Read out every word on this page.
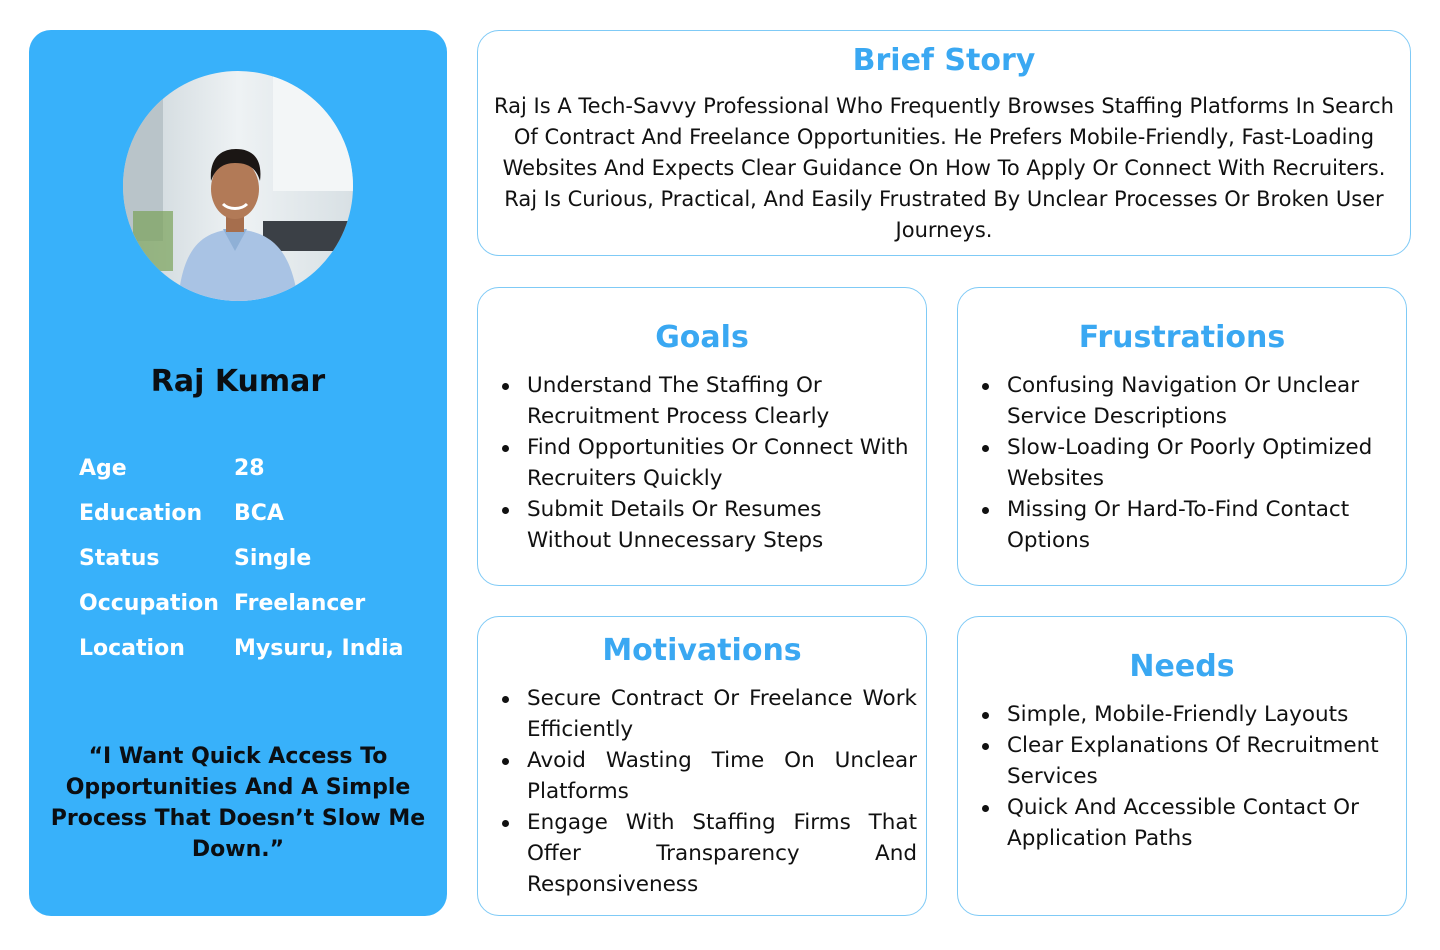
Raj Kumar
Age	28
Education BCA
Status	Single
Occupation Freelancer
Location Mysuru, India
“I Want Quick Access To Opportunities And A Simple Process That Doesn’t Slow Me Down.”
Brief Story

Raj Is A Tech-Savvy Professional Who Frequently Browses Staffing Platforms In Search Of Contract And Freelance Opportunities. He Prefers Mobile-Friendly, Fast-Loading Websites And Expects Clear Guidance On How To Apply Or Connect With Recruiters. Raj Is Curious, Practical, And Easily Frustrated By Unclear Processes Or Broken User Journeys.

Goals
Understand The Staffing Or Recruitment Process Clearly
Find Opportunities Or Connect With Recruiters Quickly
Submit Details Or Resumes Without Unnecessary Steps
Frustrations
Confusing Navigation Or Unclear Service Descriptions
Slow-Loading Or Poorly Optimized Websites
Missing Or Hard-To-Find Contact Options
Motivations
Secure Contract Or Freelance Work Efficiently
Avoid Wasting Time On Unclear Platforms
Engage With Staffing Firms That Offer Transparency And Responsiveness
Needs
Simple, Mobile-Friendly Layouts
Clear Explanations Of Recruitment Services
Quick And Accessible Contact Or Application Paths
